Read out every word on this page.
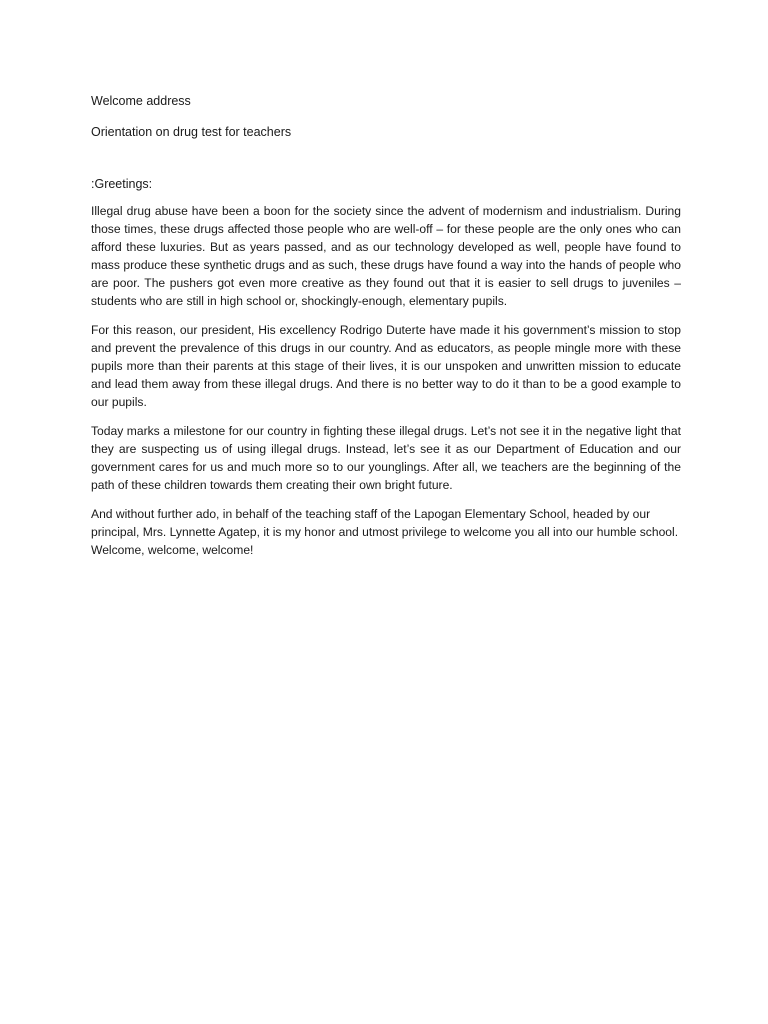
Welcome address
Orientation on drug test for teachers
:Greetings:

Illegal drug abuse have been a boon for the society since the advent of modernism and industrialism. During those times, these drugs affected those people who are well-off – for these people are the only ones who can afford these luxuries. But as years passed, and as our technology developed as well, people have found to mass produce these synthetic drugs and as such, these drugs have found a way into the hands of people who are poor. The pushers got even more creative as they found out that it is easier to sell drugs to juveniles – students who are still in high school or, shockingly-enough, elementary pupils.

For this reason, our president, His excellency Rodrigo Duterte have made it his government’s mission to stop and prevent the prevalence of this drugs in our country. And as educators, as people mingle more with these pupils more than their parents at this stage of their lives, it is our unspoken and unwritten mission to educate and lead them away from these illegal drugs. And there is no better way to do it than to be a good example to our pupils.

Today marks a milestone for our country in fighting these illegal drugs. Let’s not see it in the negative light that they are suspecting us of using illegal drugs. Instead, let’s see it as our Department of Education and our government cares for us and much more so to our younglings. After all, we teachers are the beginning of the path of these children towards them creating their own bright future.

And without further ado, in behalf of the teaching staff of the Lapogan Elementary School, headed by our principal, Mrs. Lynnette Agatep, it is my honor and utmost privilege to welcome you all into our humble school. Welcome, welcome, welcome!
